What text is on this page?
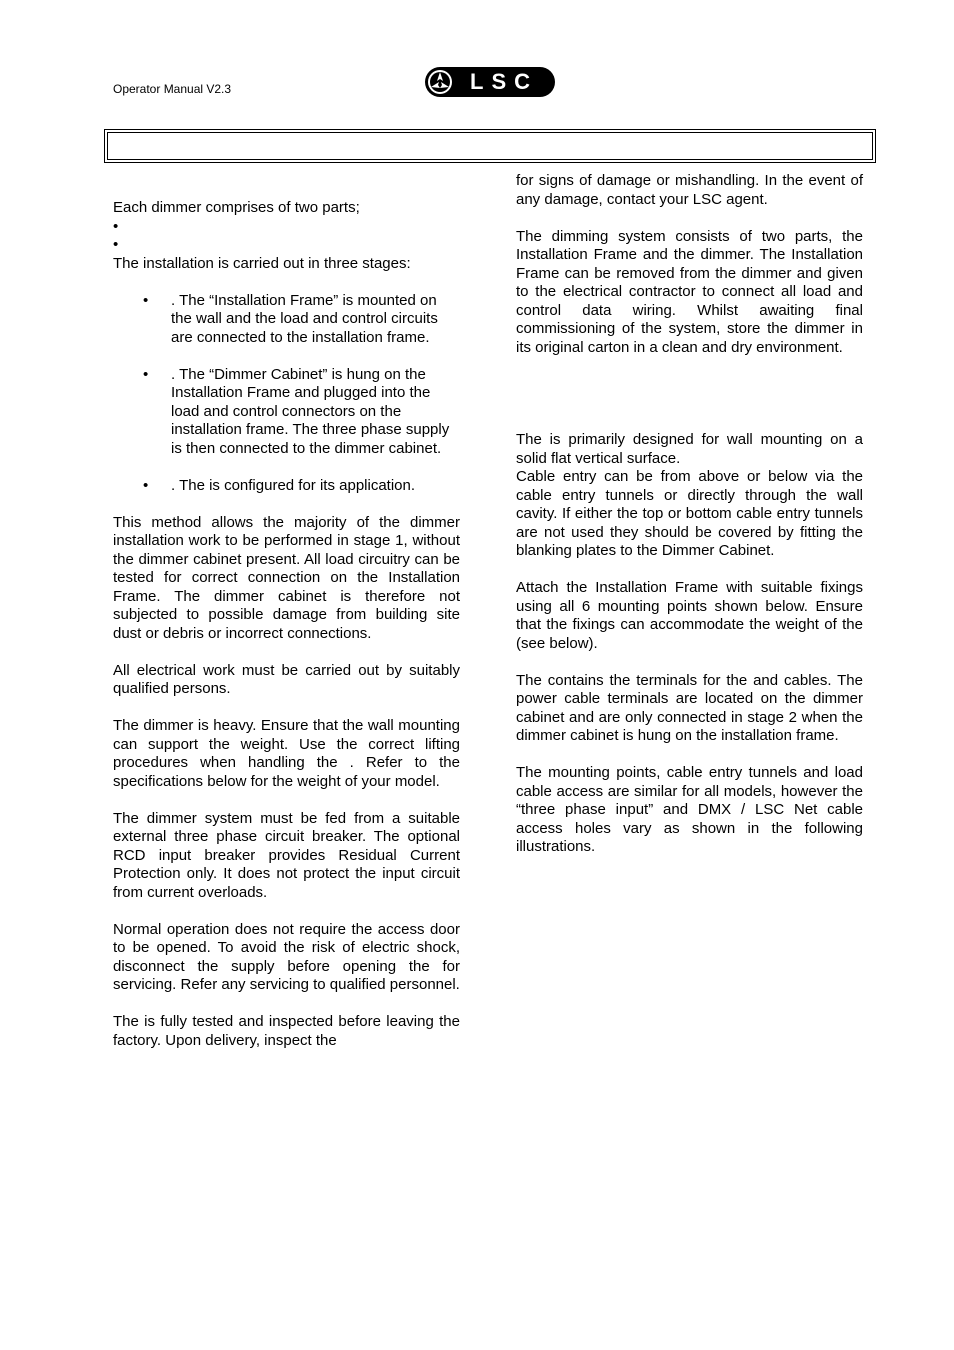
Operator Manual V2.3	LSC

Each dimmer comprises of two parts;

•

•

The installation is carried out in three stages:

• . The “Installation Frame” is mounted on the wall and the load and control circuits are connected to the installation frame.

• . The “Dimmer Cabinet” is hung on the Installation Frame and plugged into the load and control connectors on the installation frame. The three phase supply is then connected to the dimmer cabinet.

• . The is configured for its application.

This method allows the majority of the dimmer installation work to be performed in stage 1, without the dimmer cabinet present. All load circuitry can be tested for correct connection on the Installation Frame. The dimmer cabinet is therefore not subjected to possible damage from building site dust or debris or incorrect connections.

All electrical work must be carried out by suitably qualified persons.

The dimmer is heavy. Ensure that the wall mounting can support the weight. Use the correct lifting procedures when handling the . Refer to the specifications below for the weight of your model.

The dimmer system must be fed from a suitable external three phase circuit breaker. The optional RCD input breaker provides Residual Current Protection only. It does not protect the input circuit from current overloads.

Normal operation does not require the access door to be opened. To avoid the risk of electric shock, disconnect the supply before opening the for servicing. Refer any servicing to qualified personnel.

The is fully tested and inspected before leaving the factory. Upon delivery, inspect the

for signs of damage or mishandling. In the event of any damage, contact your LSC agent.

The dimming system consists of two parts, the Installation Frame and the dimmer. The Installation Frame can be removed from the dimmer and given to the electrical contractor to connect all load and control data wiring. Whilst awaiting final commissioning of the system, store the dimmer in its original carton in a clean and dry environment.

The is primarily designed for wall mounting on a solid flat vertical surface.

Cable entry can be from above or below via the cable entry tunnels or directly through the wall cavity. If either the top or bottom cable entry tunnels are not used they should be covered by fitting the blanking plates to the Dimmer Cabinet.

Attach the Installation Frame with suitable fixings using all 6 mounting points shown below. Ensure that the fixings can accommodate the weight of the (see below).

The contains the terminals for the and cables. The power cable terminals are located on the dimmer cabinet and are only connected in stage 2 when the dimmer cabinet is hung on the installation frame.

The mounting points, cable entry tunnels and load cable access are similar for all models, however the “three phase input” and DMX / LSC Net cable access holes vary as shown in the following illustrations.
